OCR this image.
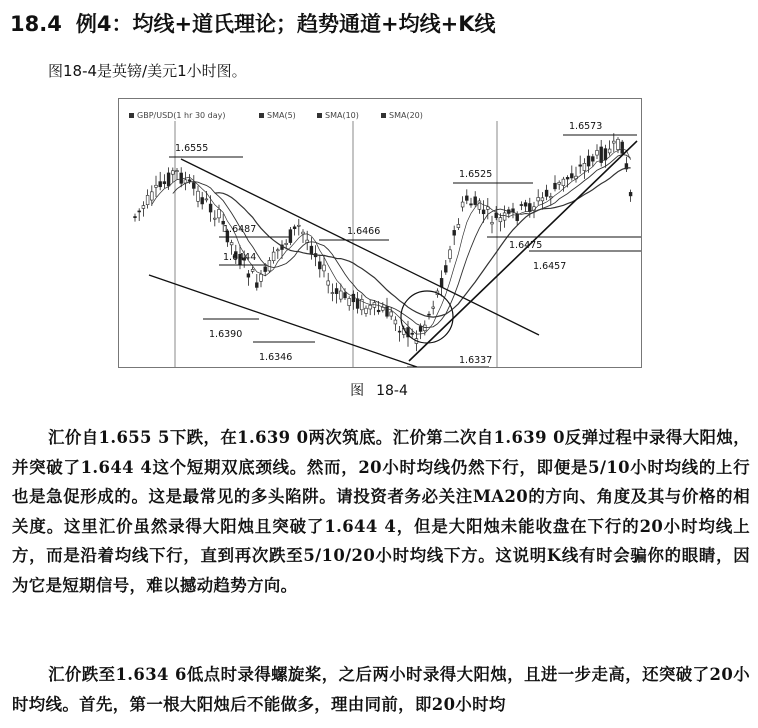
18.4 例4：均线+道氏理论；趋势通道+均线+K线
图18-4是英镑/美元1小时图。
GBP/USD(1 hr 30 day)	SMA(5)	SMA(10)	SMA(20)
1.6555
1.6487
1.6444
1.6466
1.6390
1.6346	1.6337
1.6525
1.6475
1.6457
1.6573
图 18-4
汇价自1.655 5下跌，在1.639 0两次筑底。汇价第二次自1.639 0反弹过程中录得大阳烛，并突破了1.644 4这个短期双底颈线。然而，20小时均线仍然下行，即便是5/10小时均线的上行也是急促形成的。这是最常见的多头陷阱。请投资者务必关注MA20的方向、角度及其与价格的相关度。这里汇价虽然录得大阳烛且突破了1.644 4，但是大阳烛未能收盘在下行的20小时均线上方，而是沿着均线下行，直到再次跌至5/10/20小时均线下方。这说明K线有时会骗你的眼睛，因为它是短期信号，难以撼动趋势方向。
汇价跌至1.634 6低点时录得螺旋桨，之后两小时录得大阳烛，且进一步走高，还突破了20小时均线。首先，第一根大阳烛后不能做多，理由同前，即20小时均
